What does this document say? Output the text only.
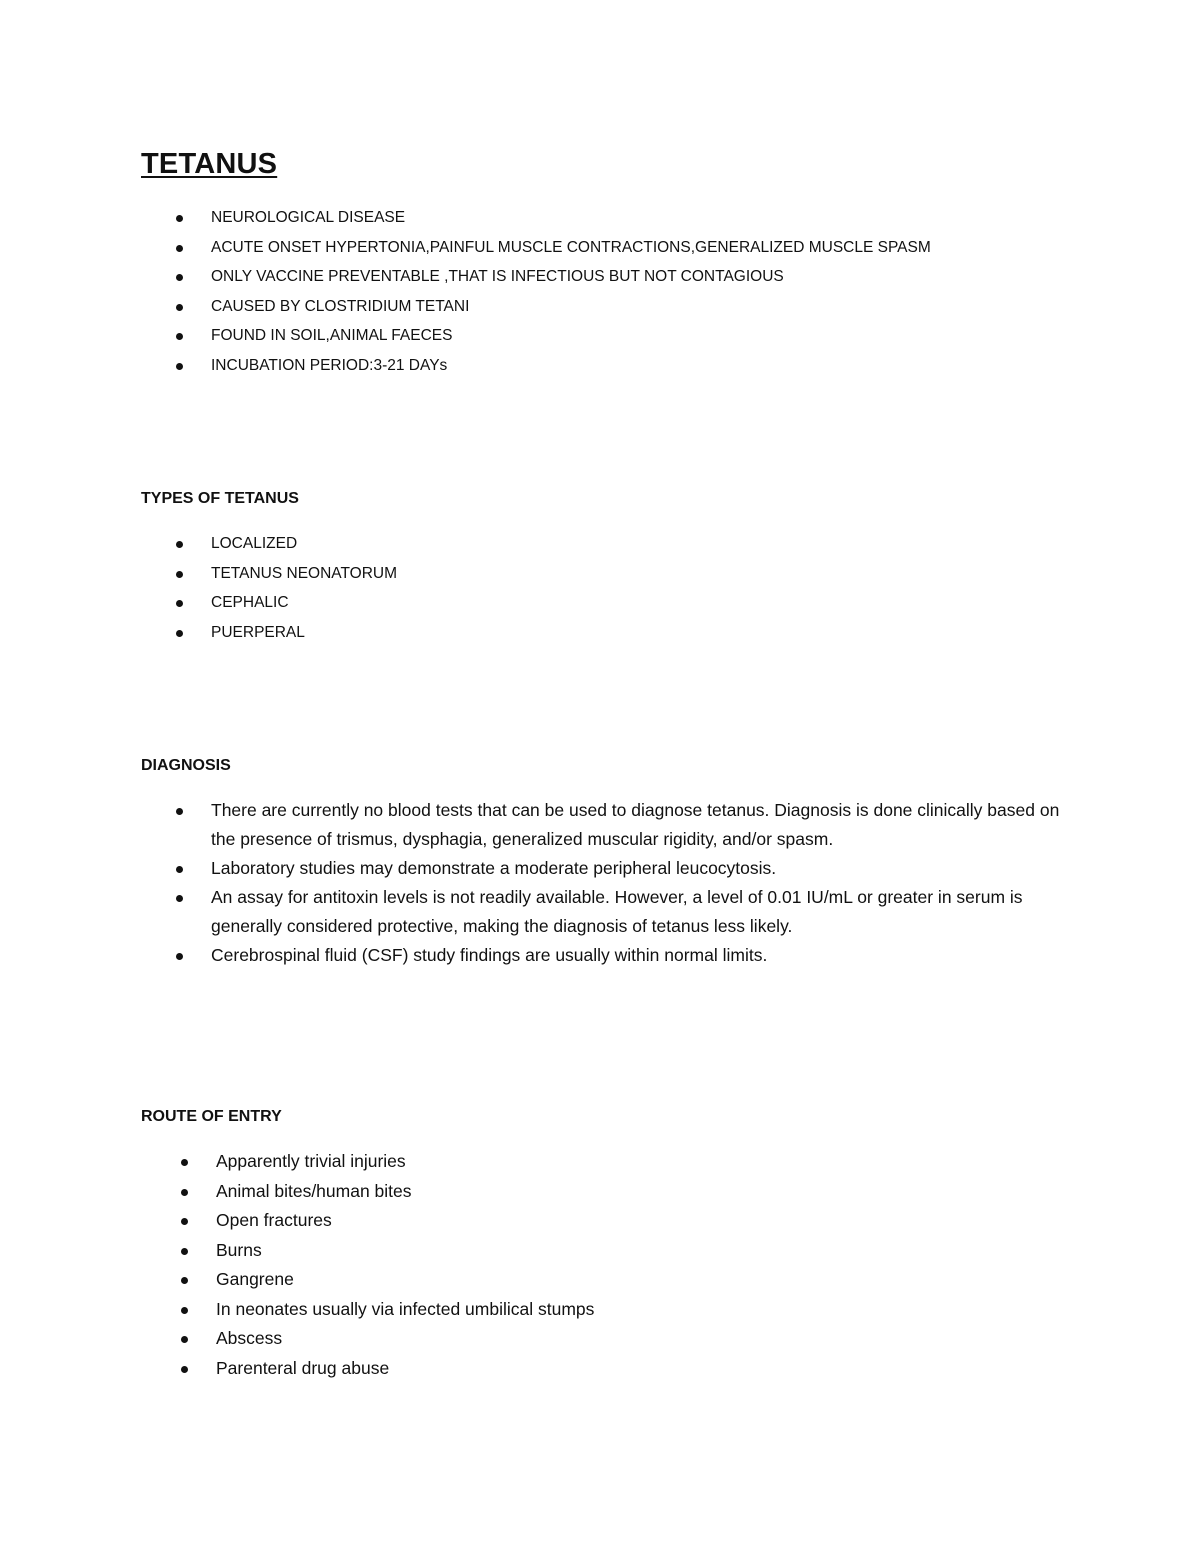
TETANUS
NEUROLOGICAL DISEASE
ACUTE ONSET HYPERTONIA,PAINFUL MUSCLE CONTRACTIONS,GENERALIZED MUSCLE SPASM
ONLY VACCINE PREVENTABLE ,THAT IS INFECTIOUS BUT NOT CONTAGIOUS
CAUSED BY CLOSTRIDIUM TETANI
FOUND IN SOIL,ANIMAL FAECES
INCUBATION PERIOD:3-21 DAYs
TYPES OF TETANUS
LOCALIZED
TETANUS NEONATORUM
CEPHALIC
PUERPERAL
DIAGNOSIS
There are currently no blood tests that can be used to diagnose tetanus. Diagnosis is done clinically based on the presence of trismus, dysphagia, generalized muscular rigidity, and/or spasm.
Laboratory studies may demonstrate a moderate peripheral leucocytosis.
An assay for antitoxin levels is not readily available. However, a level of 0.01 IU/mL or greater in serum is generally considered protective, making the diagnosis of tetanus less likely.
Cerebrospinal fluid (CSF) study findings are usually within normal limits.
ROUTE OF ENTRY
Apparently trivial injuries
Animal bites/human bites
Open fractures
Burns
Gangrene
In neonates usually via infected umbilical stumps
Abscess
Parenteral drug abuse
